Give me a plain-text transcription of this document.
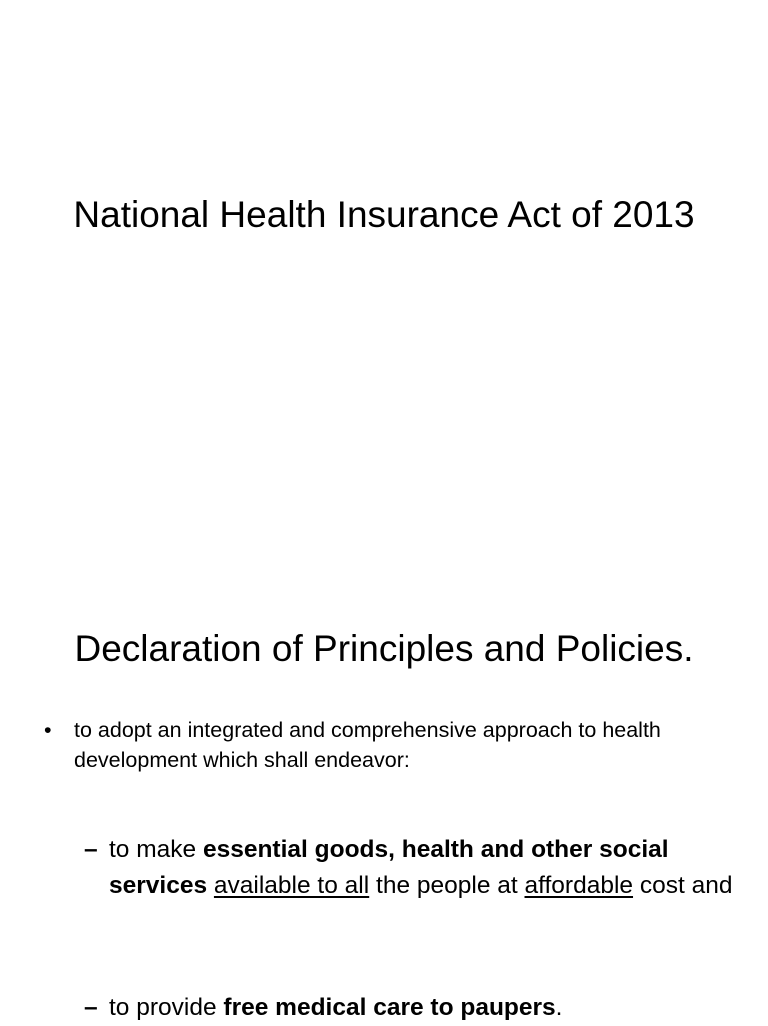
National Health Insurance Act of 2013
Declaration of Principles and Policies.
• to adopt an integrated and comprehensive approach to health development which shall endeavor:
– to make essential goods, health and other social services available to all the people at affordable cost and
– to provide free medical care to paupers.
